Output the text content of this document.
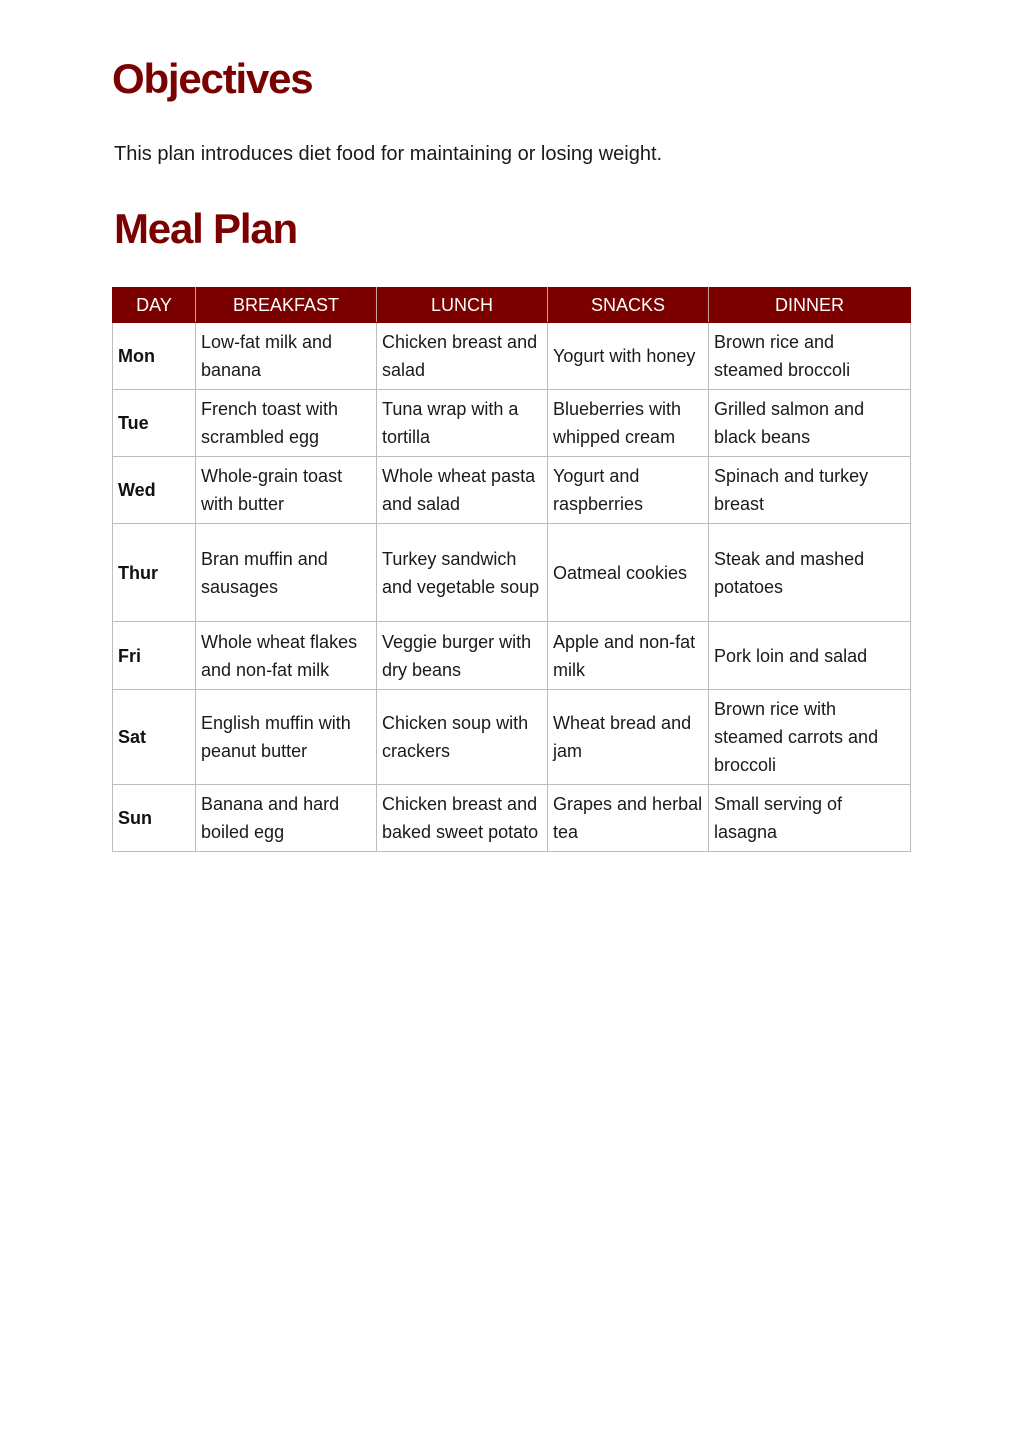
Objectives

This plan introduces diet food for maintaining or losing weight.

Meal Plan
DAY	BREAKFAST	LUNCH	SNACKS	DINNER
Mon	Low-fat milk and banana	Chicken breast and salad	Yogurt with honey	Brown rice and steamed broccoli
Tue	French toast with scrambled egg	Tuna wrap with a tortilla	Blueberries with whipped cream	Grilled salmon and black beans
Wed	Whole-grain toast with butter	Whole wheat pasta and salad	Yogurt and raspberries	Spinach and turkey breast
Thur	Bran muffin and sausages	Turkey sandwich and vegetable soup	Oatmeal cookies	Steak and mashed potatoes
Fri	Whole wheat flakes and non-fat milk	Veggie burger with dry beans	Apple and non-fat milk	Pork loin and salad
Sat	English muffin with peanut butter	Chicken soup with crackers	Wheat bread and jam	Brown rice with steamed carrots and broccoli
Sun	Banana and hard boiled egg	Chicken breast and baked sweet potato	Grapes and herbal tea	Small serving of lasagna
